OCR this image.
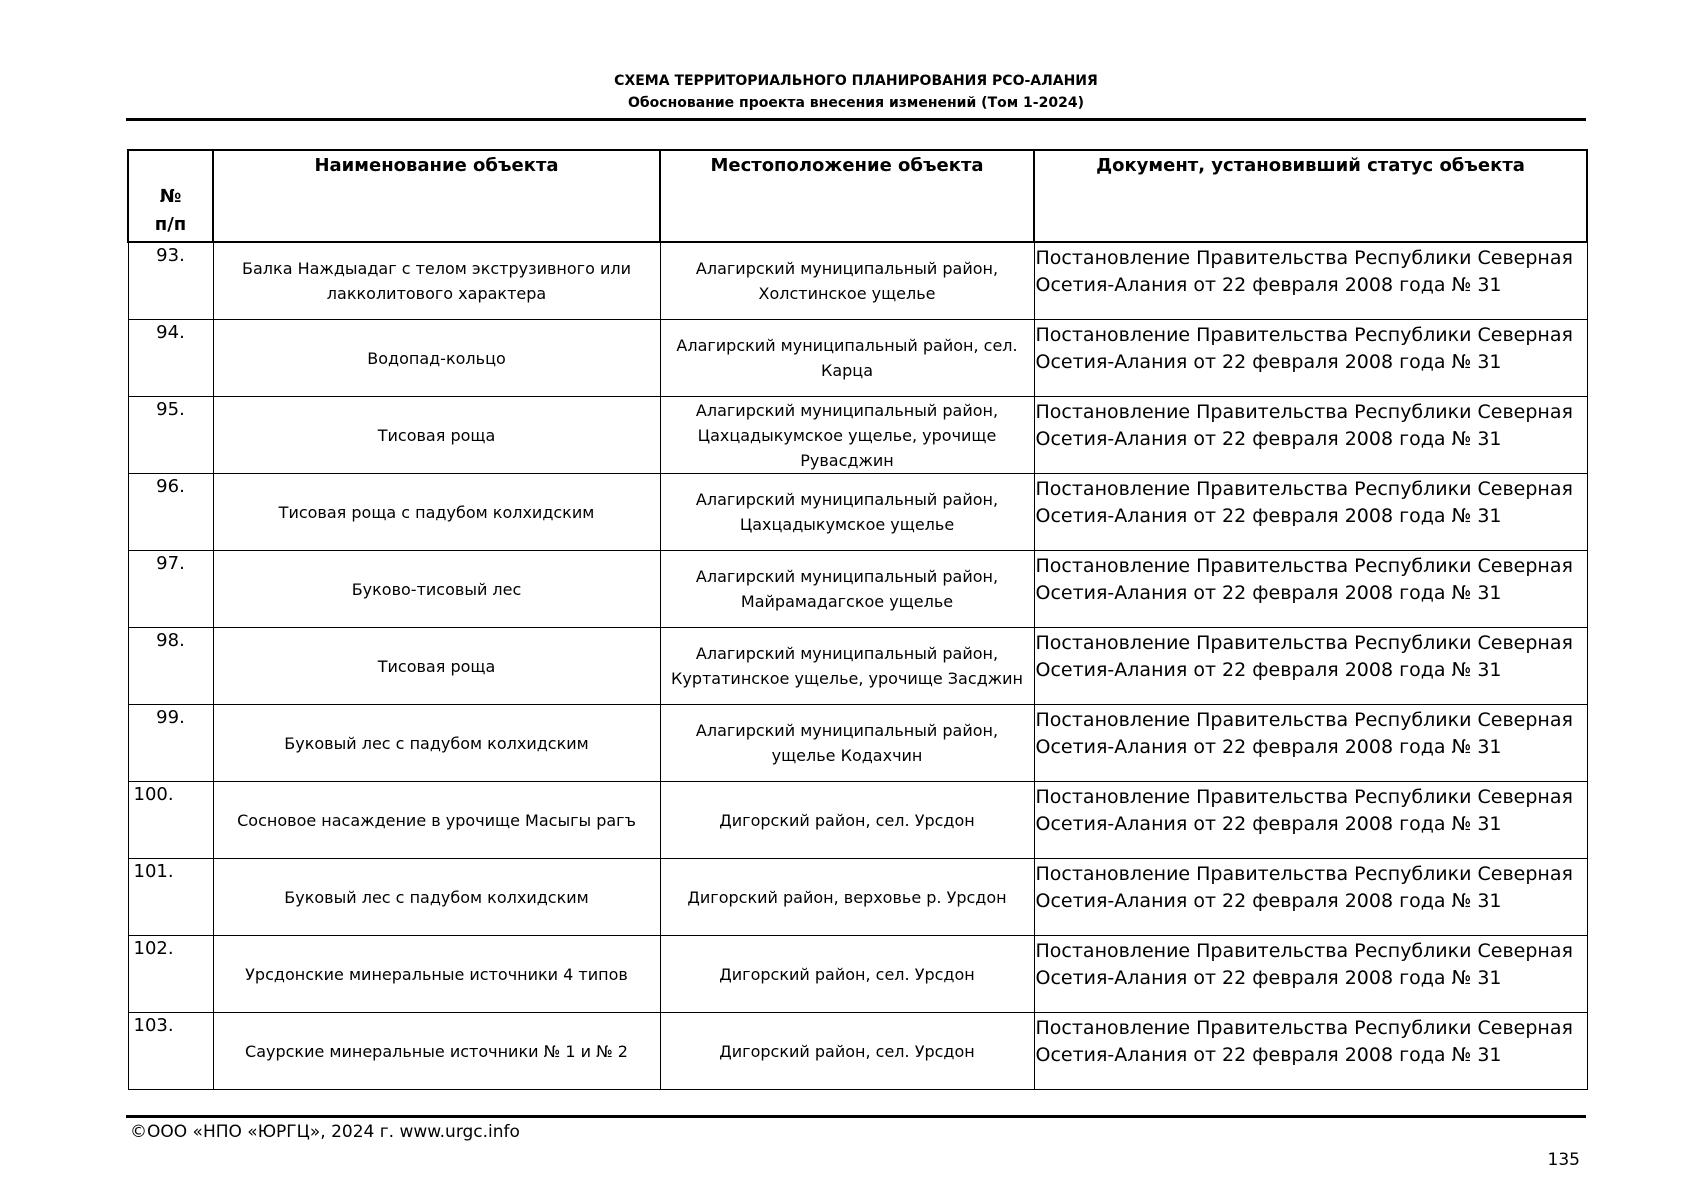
СХЕМА ТЕРРИТОРИАЛЬНОГО ПЛАНИРОВАНИЯ РСО-АЛАНИЯ
Обоснование проекта внесения изменений (Том 1-2024)
№
п/п	Наименование объекта	Местоположение объекта	Документ, установивший статус объекта
93.	Балка Наждыадаг с телом экструзивного или лакколитового характера	Алагирский муниципальный район, Холстинское ущелье	Постановление Правительства Республики Северная Осетия-Алания от 22 февраля 2008 года № 31
94.	Водопад-кольцо	Алагирский муниципальный район, сел. Карца	Постановление Правительства Республики Северная Осетия-Алания от 22 февраля 2008 года № 31
95.	Тисовая роща	Алагирский муниципальный район, Цахцадыкумское ущелье, урочище Рувасджин	Постановление Правительства Республики Северная Осетия-Алания от 22 февраля 2008 года № 31
96.	Тисовая роща с падубом колхидским	Алагирский муниципальный район, Цахцадыкумское ущелье	Постановление Правительства Республики Северная Осетия-Алания от 22 февраля 2008 года № 31
97.	Буково-тисовый лес	Алагирский муниципальный район, Майрамадагское ущелье	Постановление Правительства Республики Северная Осетия-Алания от 22 февраля 2008 года № 31
98.	Тисовая роща	Алагирский муниципальный район, Куртатинское ущелье, урочище Засджин	Постановление Правительства Республики Северная Осетия-Алания от 22 февраля 2008 года № 31
99.	Буковый лес с падубом колхидским	Алагирский муниципальный район, ущелье Кодахчин	Постановление Правительства Республики Северная Осетия-Алания от 22 февраля 2008 года № 31
100.	Сосновое насаждение в урочище Масыгы рагъ	Дигорский район, сел. Урсдон	Постановление Правительства Республики Северная Осетия-Алания от 22 февраля 2008 года № 31
101.	Буковый лес с падубом колхидским	Дигорский район, верховье р. Урсдон	Постановление Правительства Республики Северная Осетия-Алания от 22 февраля 2008 года № 31
102.	Урсдонские минеральные источники 4 типов	Дигорский район, сел. Урсдон	Постановление Правительства Республики Северная Осетия-Алания от 22 февраля 2008 года № 31
103.	Саурские минеральные источники № 1 и № 2	Дигорский район, сел. Урсдон	Постановление Правительства Республики Северная Осетия-Алания от 22 февраля 2008 года № 31
©ООО «НПО «ЮРГЦ», 2024 г. www.urgc.info
135
